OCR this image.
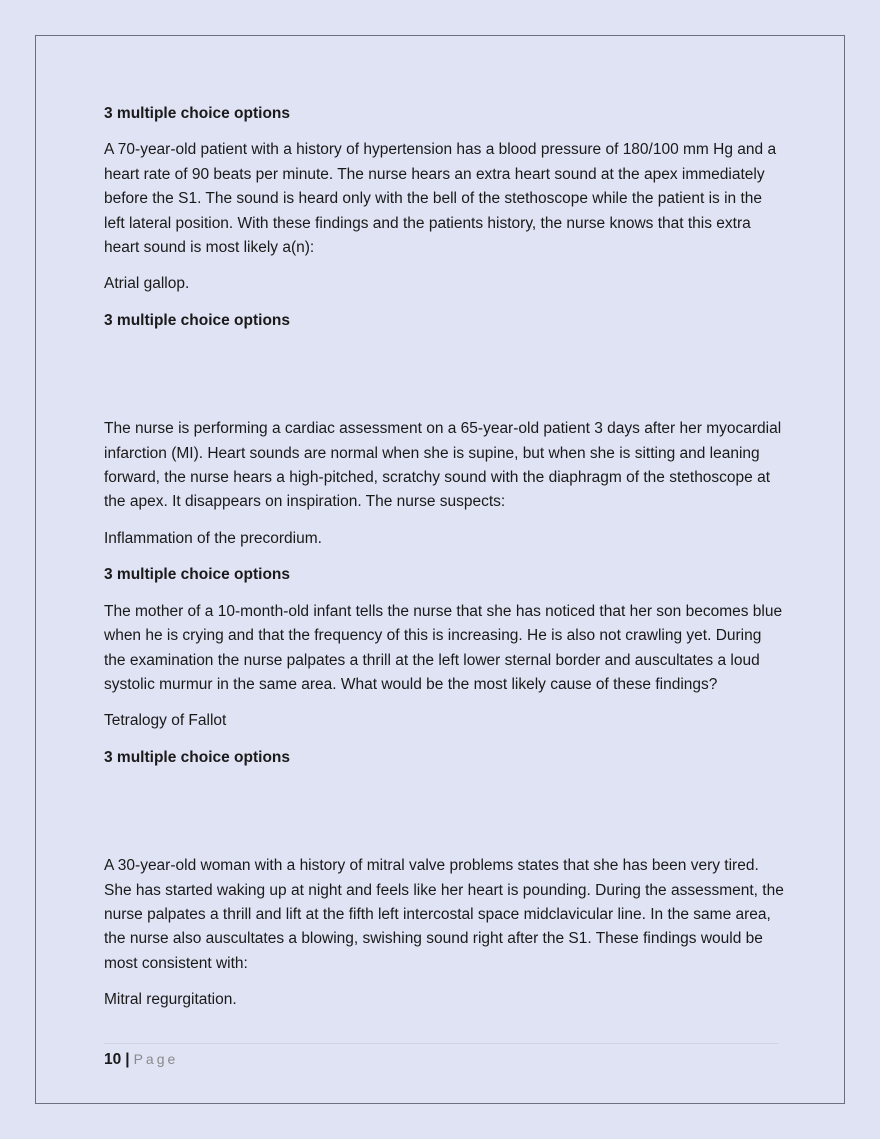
3 multiple choice options
A 70-year-old patient with a history of hypertension has a blood pressure of 180/100 mm Hg and a heart rate of 90 beats per minute. The nurse hears an extra heart sound at the apex immediately before the S1. The sound is heard only with the bell of the stethoscope while the patient is in the left lateral position. With these findings and the patients history, the nurse knows that this extra heart sound is most likely a(n):
Atrial gallop.
3 multiple choice options
The nurse is performing a cardiac assessment on a 65-year-old patient 3 days after her myocardial infarction (MI). Heart sounds are normal when she is supine, but when she is sitting and leaning forward, the nurse hears a high-pitched, scratchy sound with the diaphragm of the stethoscope at the apex. It disappears on inspiration. The nurse suspects:
Inflammation of the precordium.
3 multiple choice options
The mother of a 10-month-old infant tells the nurse that she has noticed that her son becomes blue when he is crying and that the frequency of this is increasing. He is also not crawling yet. During the examination the nurse palpates a thrill at the left lower sternal border and auscultates a loud systolic murmur in the same area. What would be the most likely cause of these findings?
Tetralogy of Fallot
3 multiple choice options
A 30-year-old woman with a history of mitral valve problems states that she has been very tired. She has started waking up at night and feels like her heart is pounding. During the assessment, the nurse palpates a thrill and lift at the fifth left intercostal space midclavicular line. In the same area, the nurse also auscultates a blowing, swishing sound right after the S1. These findings would be most consistent with:
Mitral regurgitation.
10 | Page
